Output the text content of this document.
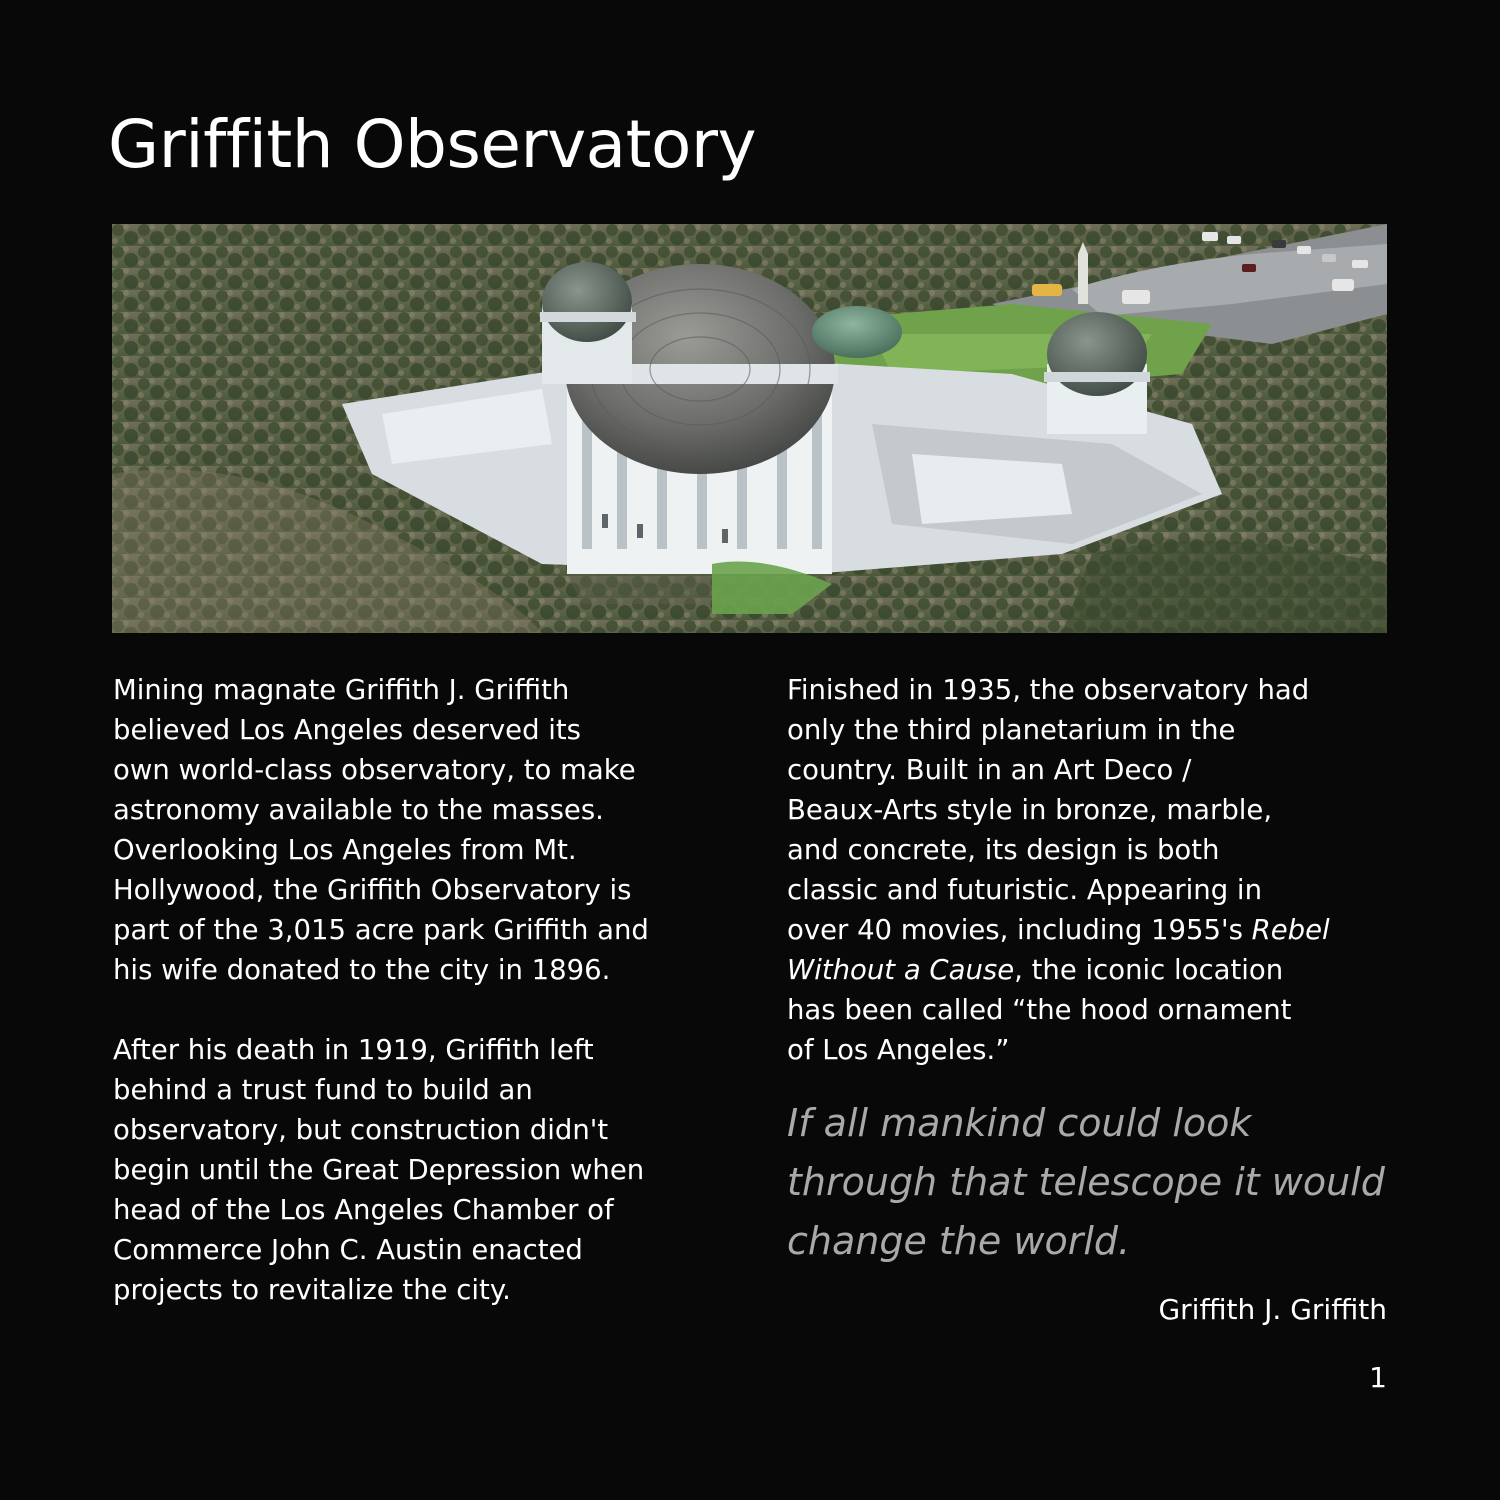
Griffith Observatory

Mining magnate Griffith J. Griffith
believed Los Angeles deserved its
own world-class observatory, to make
astronomy available to the masses.
Overlooking Los Angeles from Mt.
Hollywood, the Griffith Observatory is
part of the 3,015 acre park Griffith and
his wife donated to the city in 1896.

After his death in 1919, Griffith left
behind a trust fund to build an
observatory, but construction didn't
begin until the Great Depression when
head of the Los Angeles Chamber of
Commerce John C. Austin enacted
projects to revitalize the city.

Finished in 1935, the observatory had
only the third planetarium in the
country. Built in an Art Deco /
Beaux-Arts style in bronze, marble,
and concrete, its design is both
classic and futuristic. Appearing in
over 40 movies, including 1955's Rebel
Without a Cause, the iconic location
has been called “the hood ornament
of Los Angeles.”

If all mankind could look
through that telescope it would
change the world.
Griffith J. Griffith
1
